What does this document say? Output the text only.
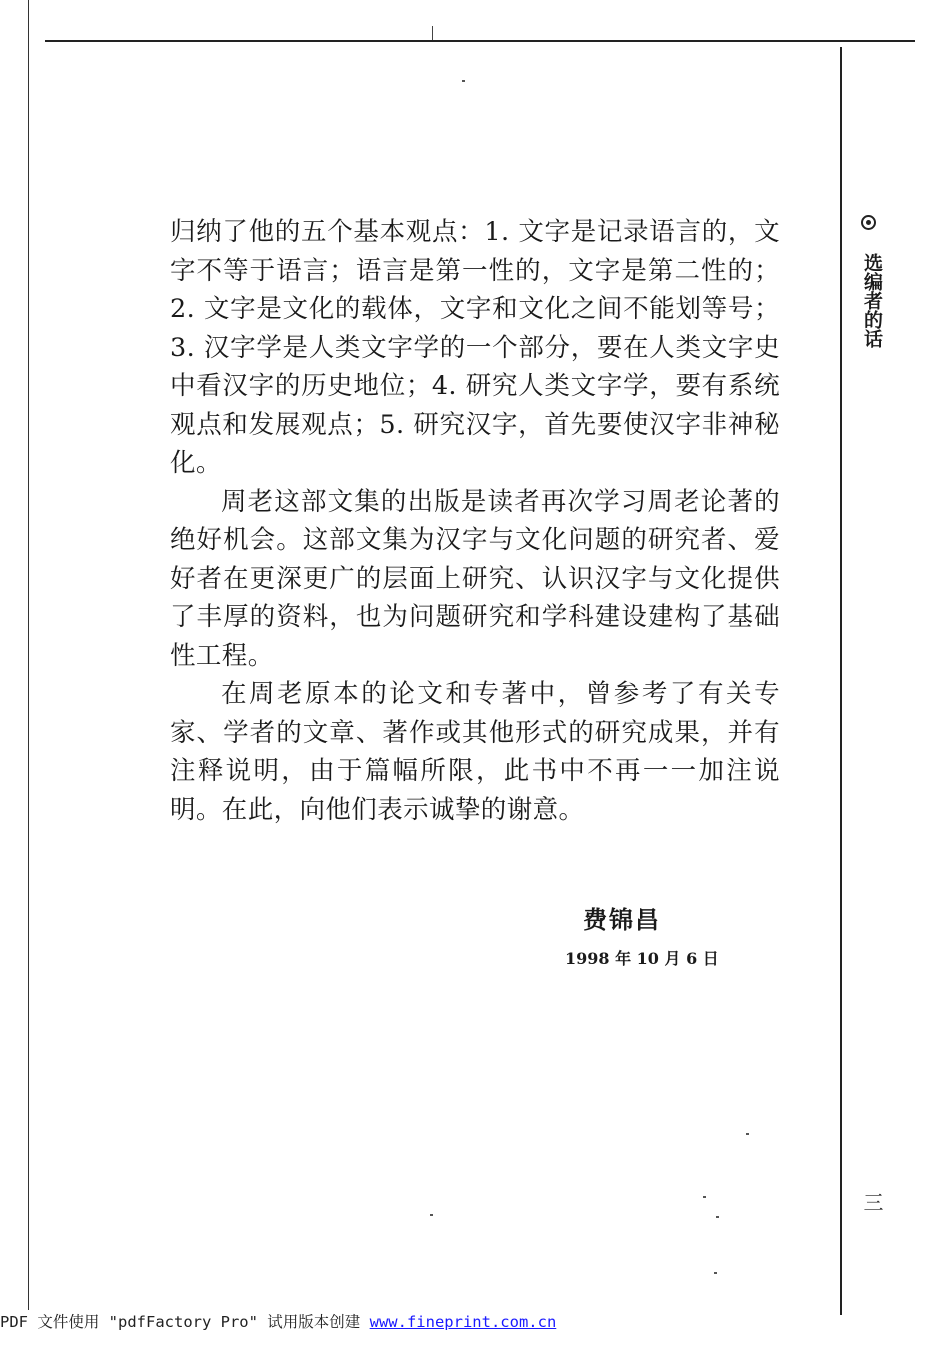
归纳了他的五个基本观点：1. 文字是记录语言的，文字不等于语言；语言是第一性的，文字是第二性的；2. 文字是文化的载体，文字和文化之间不能划等号；3. 汉字学是人类文字学的一个部分，要在人类文字史中看汉字的历史地位；4. 研究人类文字学，要有系统观点和发展观点；5. 研究汉字，首先要使汉字非神秘化。

周老这部文集的出版是读者再次学习周老论著的绝好机会。这部文集为汉字与文化问题的研究者、爱好者在更深更广的层面上研究、认识汉字与文化提供了丰厚的资料，也为问题研究和学科建设建构了基础性工程。

在周老原本的论文和专著中，曾参考了有关专家、学者的文章、著作或其他形式的研究成果，并有注释说明，由于篇幅所限，此书中不再一一加注说明。在此，向他们表示诚挚的谢意。

费锦昌
1998 年 10 月 6 日
选编者的话
三
PDF 文件使用 "pdfFactory Pro" 试用版本创建 www.fineprint.com.cn
